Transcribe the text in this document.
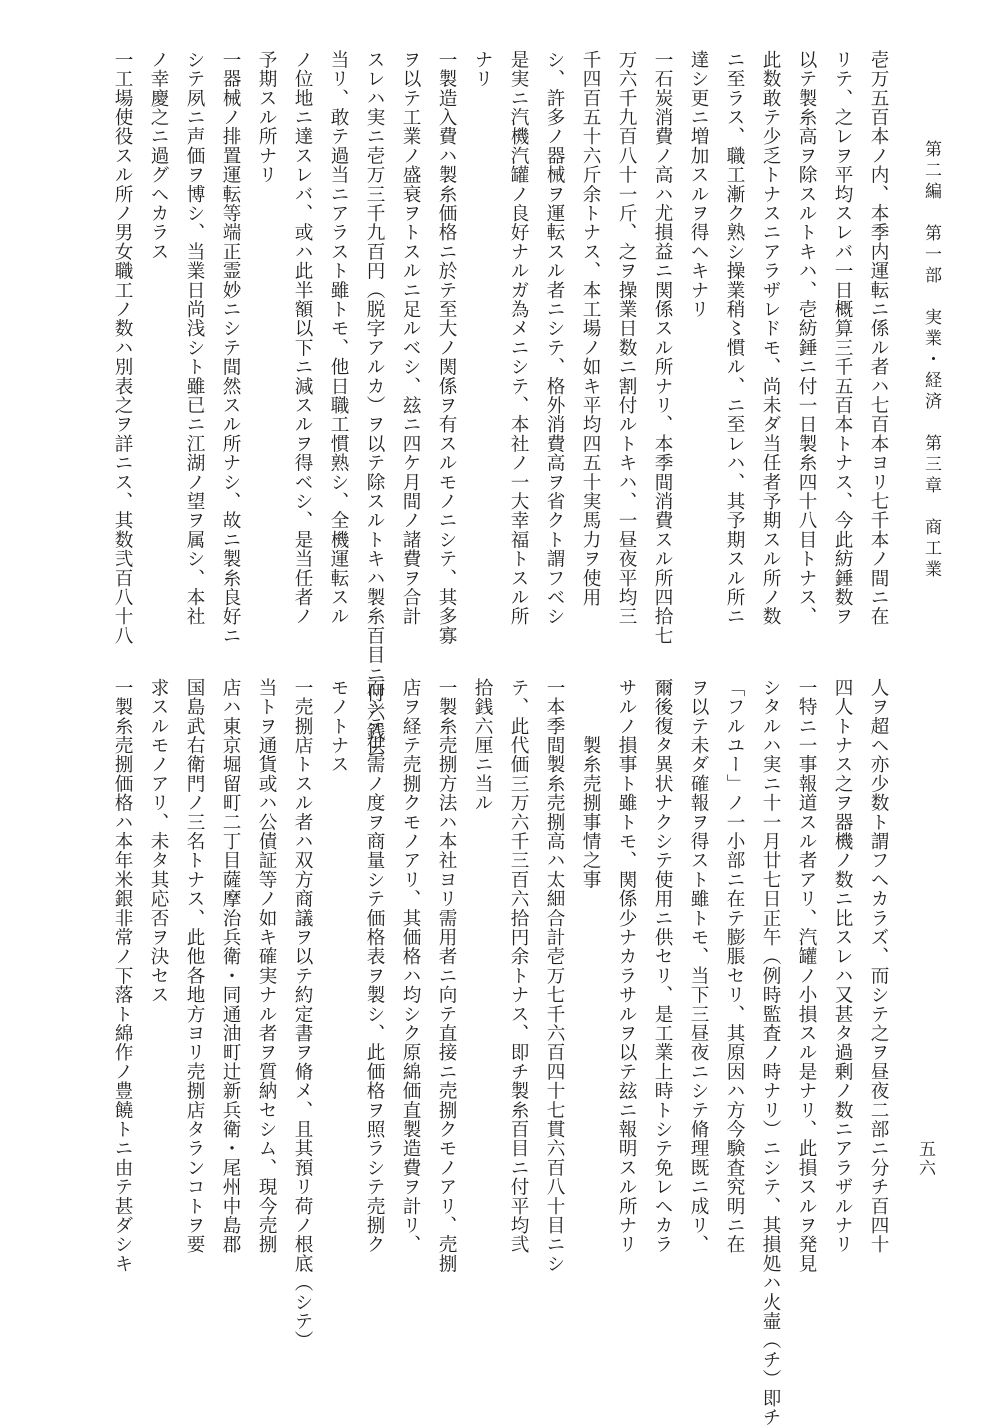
第二編　第一部　実業・経済　第三章　商工業
五六
壱万五百本ノ内、本季内運転ニ係ル者ハ七百本ヨリ七千本ノ間ニ在
リテ、之レヲ平均スレバ一日概算三千五百本トナス、今此紡錘数ヲ
以テ製糸高ヲ除スルトキハ、壱紡錘ニ付一日製糸四十八目トナス、
此数敢テ少乏トナスニアラザレドモ、尚未ダ当任者予期スル所ノ数
ニ至ラス、職工漸ク熟シ操業稍〻慣ル、ニ至レハ、其予期スル所ニ
達シ更ニ増加スルヲ得ヘキナリ
一石炭消費ノ高ハ尤損益ニ関係スル所ナリ、本季間消費スル所四拾七
万六千九百八十一斤、之ヲ操業日数ニ割付ルトキハ、一昼夜平均三
千四百五十六斤余トナス、本工場ノ如キ平均四五十実馬力ヲ使用
シ、許多ノ器械ヲ運転スル者ニシテ、格外消費高ヲ省クト謂フベシ
是実ニ汽機汽罐ノ良好ナルガ為メニシテ、本社ノ一大幸福トスル所
ナリ
一製造入費ハ製糸価格ニ於テ至大ノ関係ヲ有スルモノニシテ、其多寡
ヲ以テ工業ノ盛衰ヲトスルニ足ルベシ、玆ニ四ケ月間ノ諸費ヲ合計
スレハ実ニ壱万三千九百円（脱字アルカ）ヲ以テ除スルトキハ製糸百目ニ付六銭ニ
当リ、敢テ過当ニアラスト雖トモ、他日職工慣熟シ、全機運転スル
ノ位地ニ達スレバ、或ハ此半額以下ニ減スルヲ得ベシ、是当任者ノ
予期スル所ナリ
一器械ノ排置運転等端正霊妙ニシテ間然スル所ナシ、故ニ製糸良好ニ
シテ夙ニ声価ヲ博シ、当業日尚浅シト雖已ニ江湖ノ望ヲ属シ、本社
ノ幸慶之ニ過グヘカラス
一工場使役スル所ノ男女職工ノ数ハ別表之ヲ詳ニス、其数弐百八十八
人ヲ超ヘ亦少数ト謂フヘカラズ、而シテ之ヲ昼夜二部ニ分チ百四十
四人トナス之ヲ器機ノ数ニ比スレハ又甚タ過剰ノ数ニアラザルナリ
一特ニ一事報道スル者アリ、汽罐ノ小損スル是ナリ、此損スルヲ発見
シタルハ実ニ十一月廿七日正午（例時監査ノ時ナリ）ニシテ、其損処ハ火壷（チ）即チ
「フルユー」ノ一小部ニ在テ膨脹セリ、其原因ハ方今験査究明ニ在
ヲ以テ未ダ確報ヲ得スト雖トモ、当下三昼夜ニシテ脩理既ニ成リ、
爾後復タ異状ナクシテ使用ニ供セリ、是工業上時トシテ免レヘカラ
サルノ損事ト雖トモ、関係少ナカラサルヲ以テ玆ニ報明スル所ナリ
　　　製糸売捌事情之事
一本季間製糸売捌高ハ太細合計壱万七千六百四十七貫六百八十目ニシ
テ、此代価三万六千三百六拾円余トナス、即チ製糸百目ニ付平均弐
拾銭六厘ニ当ル
一製糸売捌方法ハ本社ヨリ需用者ニ向テ直接ニ売捌クモノアリ、売捌
店ヲ経テ売捌クモノアリ、其価格ハ均シク原綿価直製造費ヲ計リ、
而シテ供需ノ度ヲ商量シテ価格表ヲ製シ、此価格ヲ照ラシテ売捌ク
モノトナス
一売捌店トスル者ハ双方商議ヲ以テ約定書ヲ脩メ、且其預リ荷ノ根底（シテ）
当トヲ通貨或ハ公債証等ノ如キ確実ナル者ヲ質納セシム、現今売捌
店ハ東京堀留町二丁目薩摩治兵衛・同通油町辻新兵衛・尾州中島郡
国島武右衛門ノ三名トナス、此他各地方ヨリ売捌店タランコトヲ要
求スルモノアリ、未タ其応否ヲ決セス
一製糸売捌価格ハ本年米銀非常ノ下落ト綿作ノ豊饒トニ由テ甚ダシキ
